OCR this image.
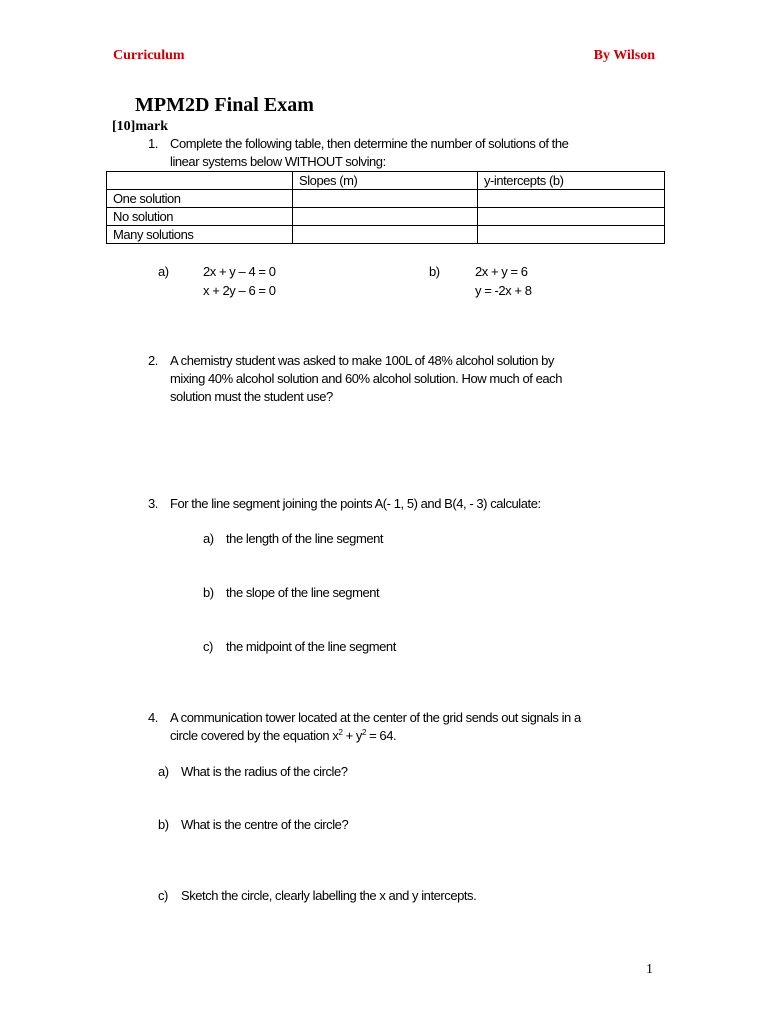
Curriculum	By Wilson
MPM2D Final Exam
[10]mark
1. Complete the following table, then determine the number of solutions of the
linear systems below WITHOUT solving:
	Slopes (m)	y-intercepts (b)
One solution		
No solution		
Many solutions		
a)	2x + y – 4 = 0
x + 2y – 6 = 0
b)	2x + y = 6
y = -2x + 8
2. A chemistry student was asked to make 100L of 48% alcohol solution by
mixing 40% alcohol solution and 60% alcohol solution. How much of each
solution must the student use?
3. For the line segment joining the points A(- 1, 5) and B(4, - 3) calculate:
a) the length of the line segment
b) the slope of the line segment
c) the midpoint of the line segment
4. A communication tower located at the center of the grid sends out signals in a
circle covered by the equation $x^2 + y^2 = 64$.
a) What is the radius of the circle?
b) What is the centre of the circle?
c) Sketch the circle, clearly labelling the x and y intercepts.
1
